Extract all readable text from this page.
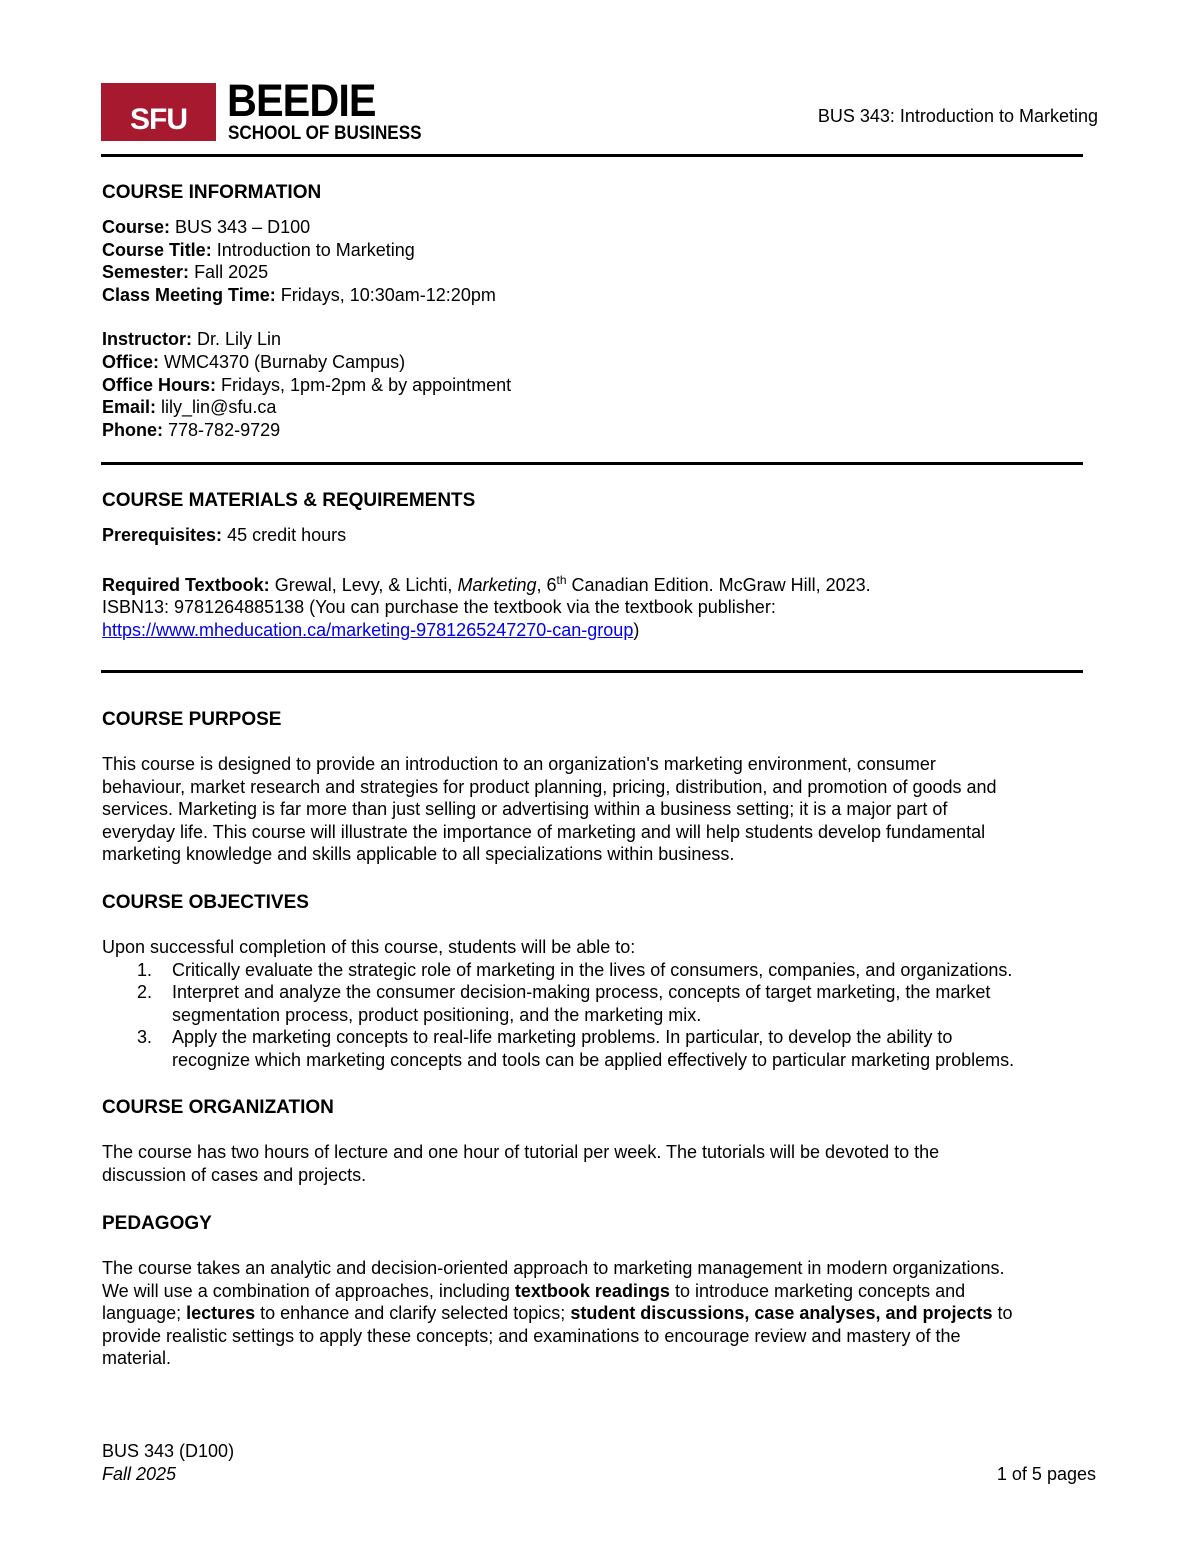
SFU BEEDIE
SCHOOL OF BUSINESS
BUS 343: Introduction to Marketing

COURSE INFORMATION

Course: BUS 343 – D100

Course Title: Introduction to Marketing

Semester: Fall 2025

Class Meeting Time: Fridays, 10:30am-12:20pm

Instructor: Dr. Lily Lin

Office: WMC4370 (Burnaby Campus)

Office Hours: Fridays, 1pm-2pm & by appointment

Email: lily_lin@sfu.ca

Phone: 778-782-9729

COURSE MATERIALS & REQUIREMENTS

Prerequisites: 45 credit hours

Required Textbook: Grewal, Levy, & Lichti, Marketing, 6th Canadian Edition. McGraw Hill, 2023.

ISBN13: 9781264885138 (You can purchase the textbook via the textbook publisher:

https://www.mheducation.ca/marketing-9781265247270-can-group)

COURSE PURPOSE

This course is designed to provide an introduction to an organization's marketing environment, consumer

behaviour, market research and strategies for product planning, pricing, distribution, and promotion of goods and

services. Marketing is far more than just selling or advertising within a business setting; it is a major part of

everyday life. This course will illustrate the importance of marketing and will help students develop fundamental

marketing knowledge and skills applicable to all specializations within business.

COURSE OBJECTIVES

Upon successful completion of this course, students will be able to:

1. Critically evaluate the strategic role of marketing in the lives of consumers, companies, and organizations.
2. Interpret and analyze the consumer decision-making process, concepts of target marketing, the market
segmentation process, product positioning, and the marketing mix.
3. Apply the marketing concepts to real-life marketing problems. In particular, to develop the ability to
recognize which marketing concepts and tools can be applied effectively to particular marketing problems.

COURSE ORGANIZATION

The course has two hours of lecture and one hour of tutorial per week. The tutorials will be devoted to the

discussion of cases and projects.

PEDAGOGY

The course takes an analytic and decision-oriented approach to marketing management in modern organizations.

We will use a combination of approaches, including textbook readings to introduce marketing concepts and

language; lectures to enhance and clarify selected topics; student discussions, case analyses, and projects to

provide realistic settings to apply these concepts; and examinations to encourage review and mastery of the

material.

BUS 343 (D100)
Fall 2025	1 of 5 pages
